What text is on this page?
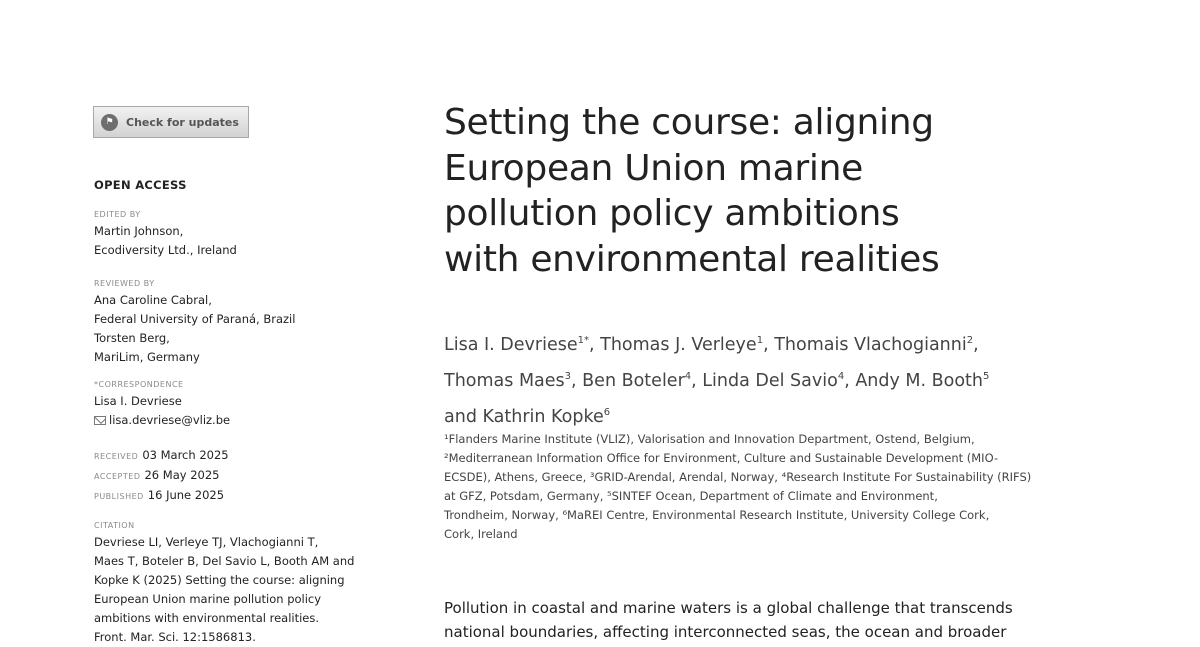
⚑	Check for updates
OPEN ACCESS
EDITED BY
Martin Johnson,
Ecodiversity Ltd., Ireland
REVIEWED BY
Ana Caroline Cabral,
Federal University of Paraná, Brazil
Torsten Berg,
MariLim, Germany
*CORRESPONDENCE
Lisa I. Devriese
lisa.devriese@vliz.be
RECEIVED 03 March 2025
ACCEPTED 26 May 2025
PUBLISHED 16 June 2025
CITATION
Devriese LI, Verleye TJ, Vlachogianni T,
Maes T, Boteler B, Del Savio L, Booth AM and
Kopke K (2025) Setting the course: aligning
European Union marine pollution policy
ambitions with environmental realities.
Front. Mar. Sci. 12:1586813.
Setting the course: aligning
European Union marine
pollution policy ambitions
with environmental realities
Lisa I. Devriese$^{1*}$, Thomas J. Verleye$^1$, Thomais Vlachogianni$^2$,
Thomas Maes$^3$, Ben Boteler$^4$, Linda Del Savio$^4$, Andy M. Booth$^5$
and Kathrin Kopke$^6$
¹Flanders Marine Institute (VLIZ), Valorisation and Innovation Department, Ostend, Belgium,
²Mediterranean Information Office for Environment, Culture and Sustainable Development (MIO-
ECSDE), Athens, Greece, ³GRID-Arendal, Arendal, Norway, ⁴Research Institute For Sustainability (RIFS)
at GFZ, Potsdam, Germany, ⁵SINTEF Ocean, Department of Climate and Environment,
Trondheim, Norway, ⁶MaREI Centre, Environmental Research Institute, University College Cork,
Cork, Ireland
Pollution in coastal and marine waters is a global challenge that transcends
national boundaries, affecting interconnected seas, the ocean and broader
